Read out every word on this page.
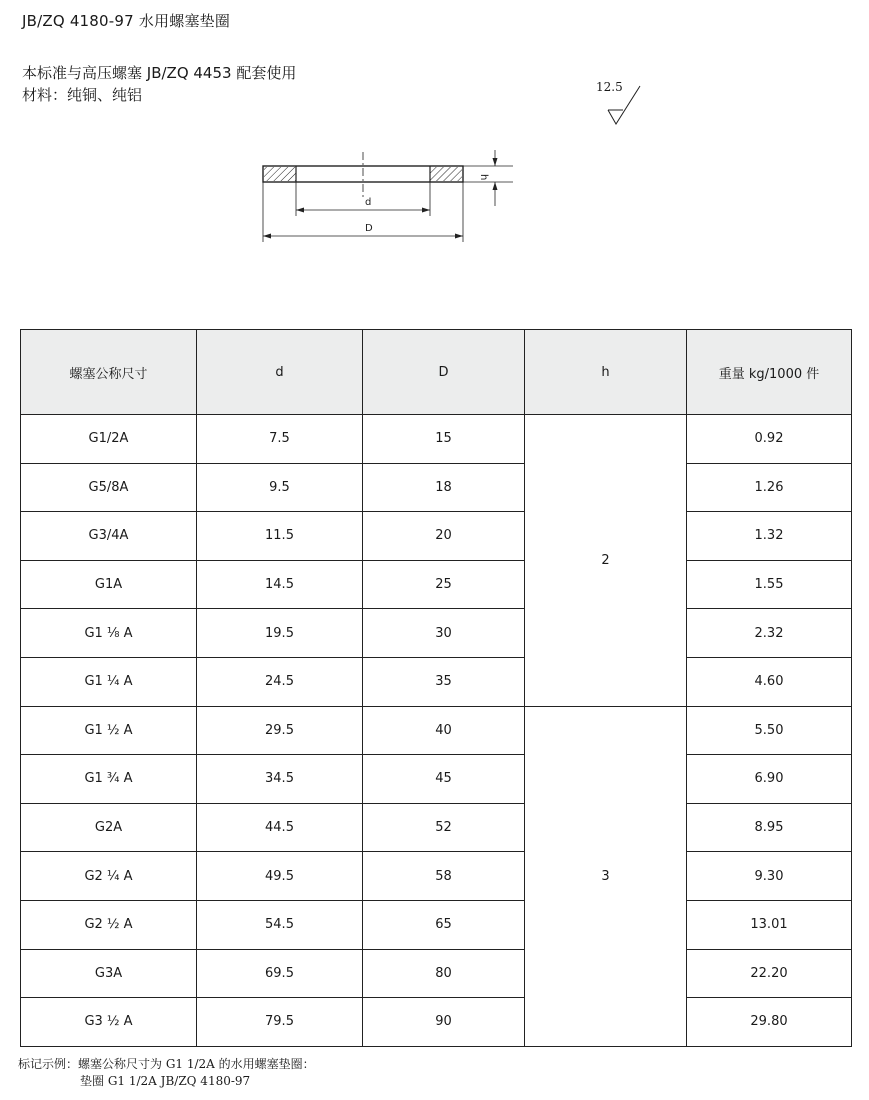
JB/ZQ 4180-97 水用螺塞垫圈
本标准与高压螺塞 JB/ZQ 4453 配套使用
材料：纯铜、纯铝	12.5
d
D
h
螺塞公称尺寸	d	D	h	重量 kg/1000 件
G1/2A	7.5	15	2	0.92
G5/8A	9.5	18		1.26
G3/4A	11.5	20		1.32
G1A	14.5	25		1.55
G1 ⅛ A	19.5	30		2.32
G1 ¼ A	24.5	35		4.60
G1 ½ A	29.5	40	3	5.50
G1 ¾ A	34.5	45		6.90
G2A	44.5	52		8.95
G2 ¼ A	49.5	58		9.30
G2 ½ A	54.5	65		13.01
G3A	69.5	80		22.20
G3 ½ A	79.5	90		29.80
标记示例：螺塞公称尺寸为 G1 1/2A 的水用螺塞垫圈：
垫圈 G1 1/2A JB/ZQ 4180-97
